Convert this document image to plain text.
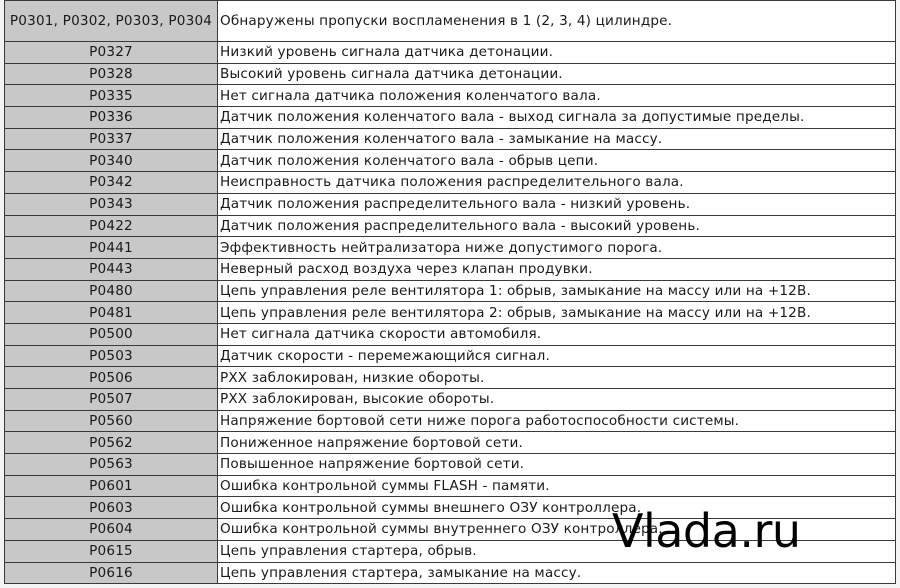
P0301, P0302, P0303, P0304	Обнаружены пропуски воспламенения в 1 (2, 3, 4) цилиндре.
P0327	Низкий уровень сигнала датчика детонации.
P0328	Высокий уровень сигнала датчика детонации.
P0335	Нет сигнала датчика положения коленчатого вала.
P0336	Датчик положения коленчатого вала - выход сигнала за допустимые пределы.
P0337	Датчик положения коленчатого вала - замыкание на массу.
P0340	Датчик положения коленчатого вала - обрыв цепи.
P0342	Неисправность датчика положения распределительного вала.
P0343	Датчик положения распределительного вала - низкий уровень.
P0422	Датчик положения распределительного вала - высокий уровень.
P0441	Эффективность нейтрализатора ниже допустимого порога.
P0443	Неверный расход воздуха через клапан продувки.
P0480	Цепь управления реле вентилятора 1: обрыв, замыкание на массу или на +12В.
P0481	Цепь управления реле вентилятора 2: обрыв, замыкание на массу или на +12В.
P0500	Нет сигнала датчика скорости автомобиля.
P0503	Датчик скорости - перемежающийся сигнал.
P0506	РХХ заблокирован, низкие обороты.
P0507	РХХ заблокирован, высокие обороты.
P0560	Напряжение бортовой сети ниже порога работоспособности системы.
P0562	Пониженное напряжение бортовой сети.
P0563	Повышенное напряжение бортовой сети.
P0601	Ошибка контрольной суммы FLASH - памяти.
P0603	Ошибка контрольной суммы внешнего ОЗУ контроллера.
P0604	Ошибка контрольной суммы внутреннего ОЗУ контроллера.
P0615	Цепь управления стартера, обрыв.
P0616	Цепь управления стартера, замыкание на массу.
Vlada.ru
